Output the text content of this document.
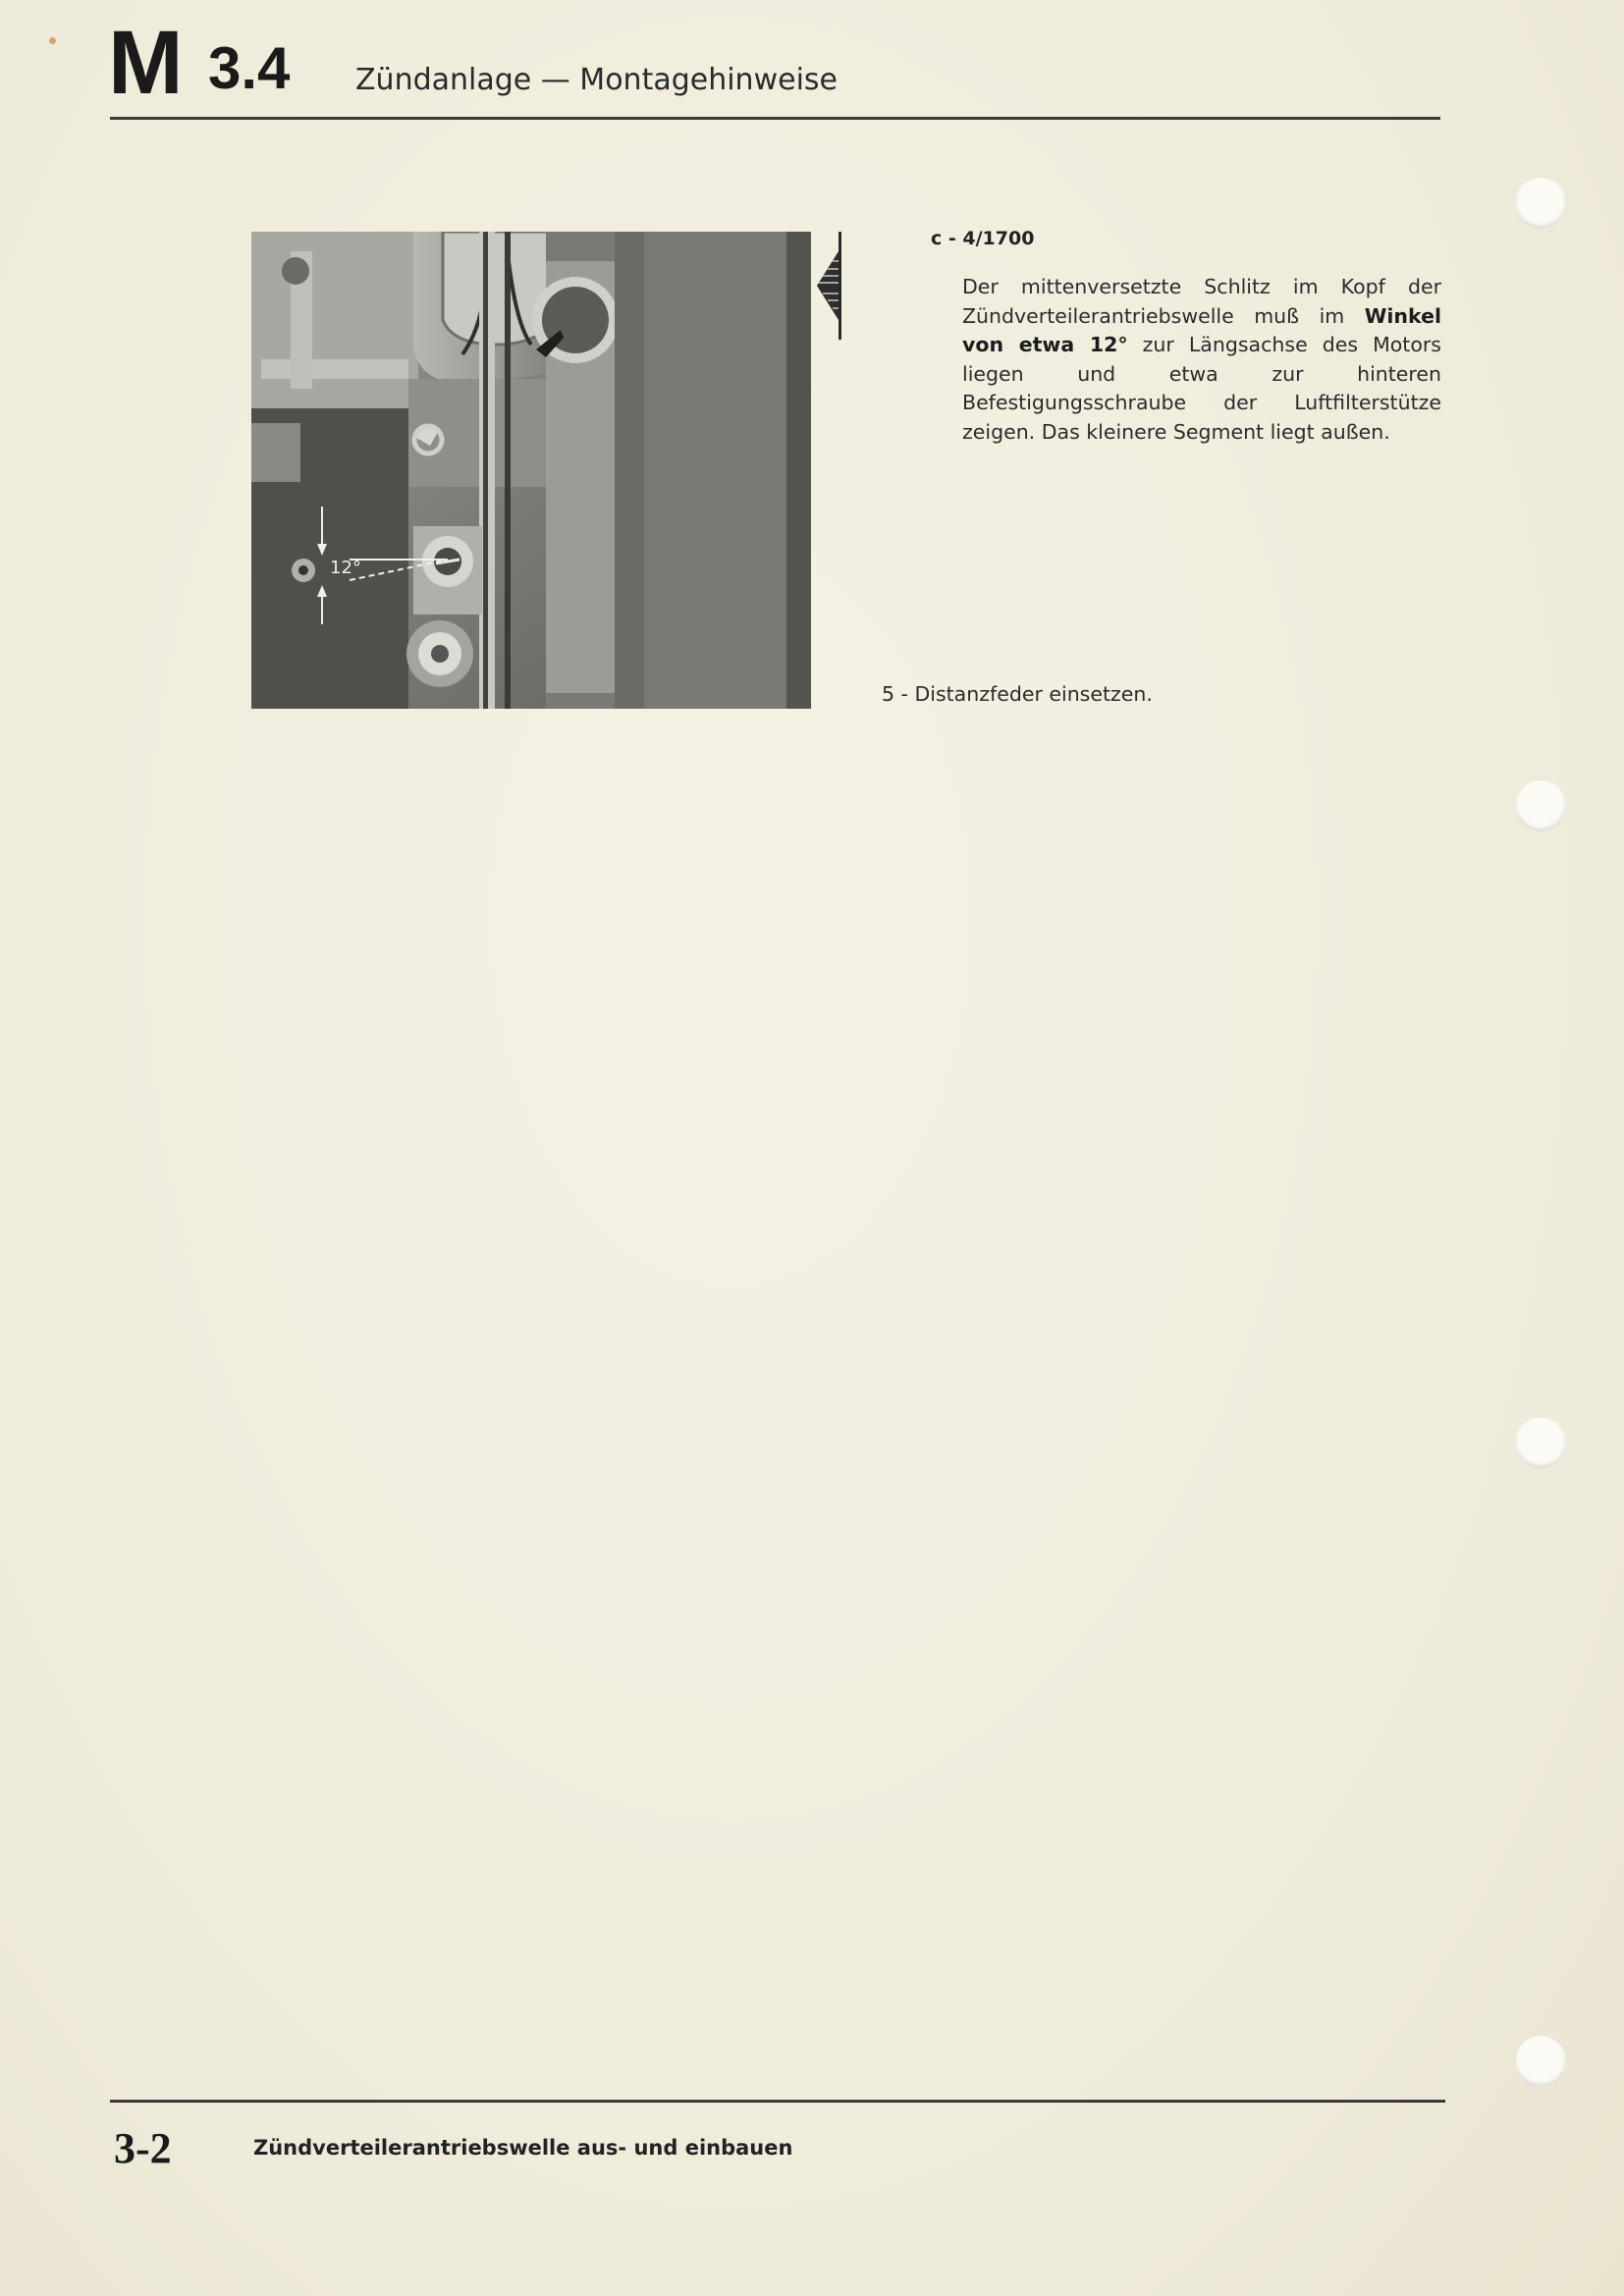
M 3.4 Zündanlage — Montagehinweise
12°
c - 4/1700
Der mittenversetzte Schlitz im Kopf der Zündverteilerantriebswelle muß im Winkel von etwa 12° zur Längsachse des Motors liegen und etwa zur hinteren Befestigungsschraube der Luftfilterstütze zeigen. Das kleinere Segment liegt außen.
5 - Distanzfeder einsetzen.
3-2	Zündverteilerantriebswelle aus- und einbauen
